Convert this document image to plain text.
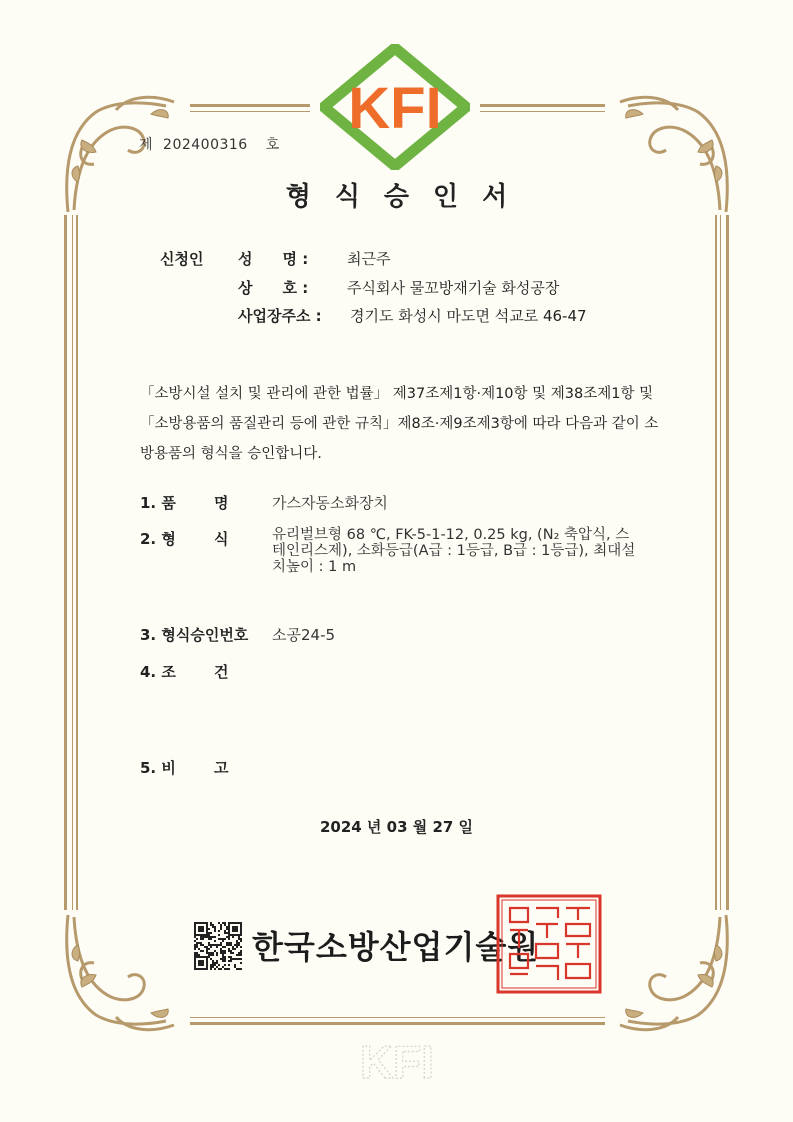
KFI
제 202400316 호
형식승인서
신청인 성　　명 :	최근주
상　　호 :	주식회사 물꼬방재기술 화성공장
사업장주소 : 경기도 화성시 마도면 석교로 46-47
「소방시설 설치 및 관리에 관한 법률」 제37조제1항·제10항 및 제38조제1항 및「소방용품의 품질관리 등에 관한 규칙」제8조·제9조제3항에 따라 다음과 같이 소방용품의 형식을 승인합니다.
1. 품	명	가스자동소화장치
2. 형	식	유리벌브형 68 ℃, FK-5-1-12, 0.25 kg, (N₂ 축압식, 스
테인리스제), 소화등급(A급 : 1등급, B급 : 1등급), 최대설
치높이 : 1 m
3. 형식승인번호 소공24-5
4. 조	건
5. 비	고
2024 년 03 월 27 일
한국소방산업기술원
KFI
